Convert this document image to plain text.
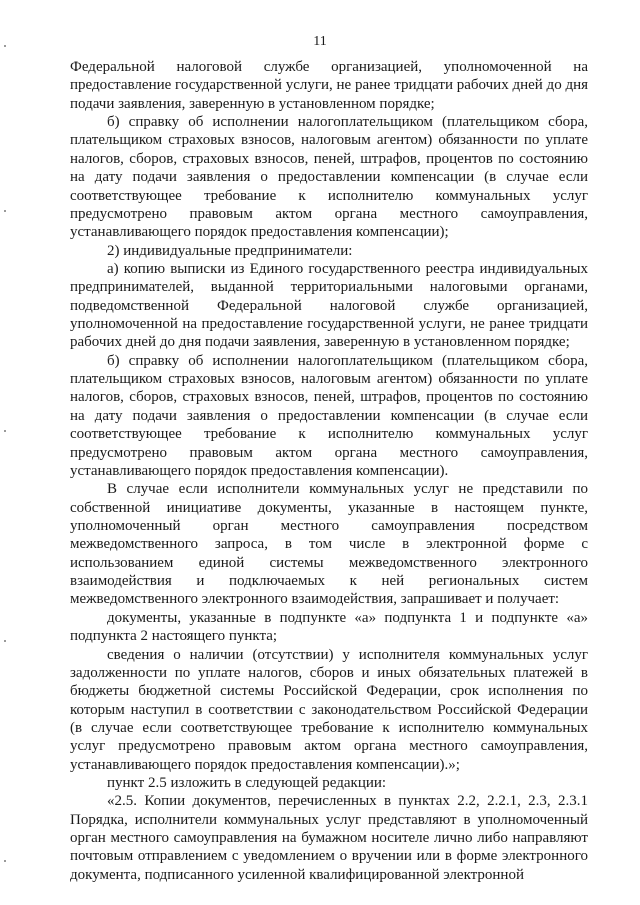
11

Федеральной налоговой службе организацией, уполномоченной на предоставление государственной услуги, не ранее тридцати рабочих дней до дня подачи заявления, заверенную в установленном порядке;

б) справку об исполнении налогоплательщиком (плательщиком сбора, плательщиком страховых взносов, налоговым агентом) обязанности по уплате налогов, сборов, страховых взносов, пеней, штрафов, процентов по состоянию на дату подачи заявления о предоставлении компенсации (в случае если соответствующее требование к исполнителю коммунальных услуг предусмотрено правовым актом органа местного самоуправления, устанавливающего порядок предоставления компенсации);

2) индивидуальные предприниматели:

а) копию выписки из Единого государственного реестра индивидуальных предпринимателей, выданной территориальными налоговыми органами, подведомственной Федеральной налоговой службе организацией, уполномоченной на предоставление государственной услуги, не ранее тридцати рабочих дней до дня подачи заявления, заверенную в установленном порядке;

б) справку об исполнении налогоплательщиком (плательщиком сбора, плательщиком страховых взносов, налоговым агентом) обязанности по уплате налогов, сборов, страховых взносов, пеней, штрафов, процентов по состоянию на дату подачи заявления о предоставлении компенсации (в случае если соответствующее требование к исполнителю коммунальных услуг предусмотрено правовым актом органа местного самоуправления, устанавливающего порядок предоставления компенсации).

В случае если исполнители коммунальных услуг не представили по собственной инициативе документы, указанные в настоящем пункте, уполномоченный орган местного самоуправления посредством межведомственного запроса, в том числе в электронной форме с использованием единой системы межведомственного электронного взаимодействия и подключаемых к ней региональных систем межведомственного электронного взаимодействия, запрашивает и получает:

документы, указанные в подпункте «а» подпункта 1 и подпункте «а» подпункта 2 настоящего пункта;

сведения о наличии (отсутствии) у исполнителя коммунальных услуг задолженности по уплате налогов, сборов и иных обязательных платежей в бюджеты бюджетной системы Российской Федерации, срок исполнения по которым наступил в соответствии с законодательством Российской Федерации (в случае если соответствующее требование к исполнителю коммунальных услуг предусмотрено правовым актом органа местного самоуправления, устанавливающего порядок предоставления компенсации).»;

пункт 2.5 изложить в следующей редакции:

«2.5. Копии документов, перечисленных в пунктах 2.2, 2.2.1, 2.3, 2.3.1 Порядка, исполнители коммунальных услуг представляют в уполномоченный орган местного самоуправления на бумажном носителе лично либо направляют почтовым отправлением с уведомлением о вручении или в форме электронного документа, подписанного усиленной квалифицированной электронной
